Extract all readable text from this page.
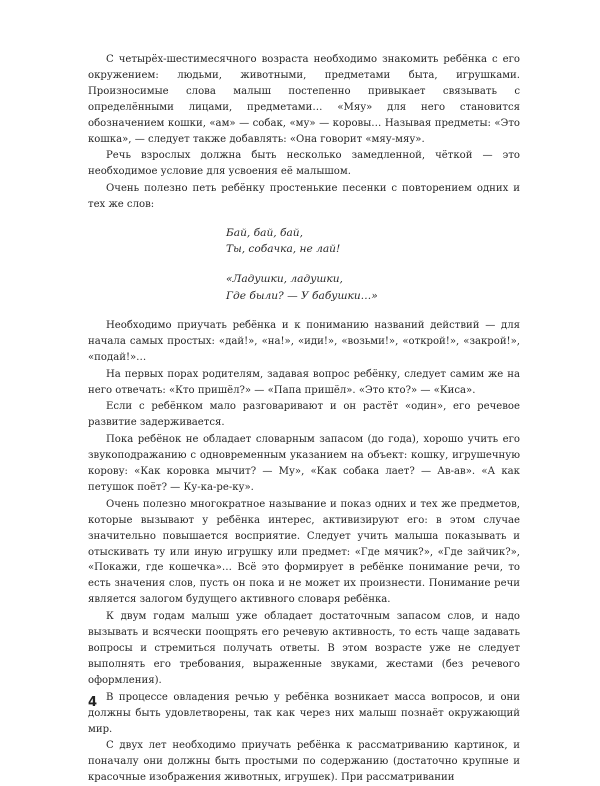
С четырёх-шестимесячного возраста необходимо знакомить ребёнка с его окружением: людьми, животными, предметами быта, игрушками. Произносимые слова малыш постепенно привыкает связывать с определёнными лицами, предметами… «Мяу» для него становится обозначением кошки, «ам» — собак, «му» — коровы… Называя предметы: «Это кошка», — следует также добавлять: «Она говорит «мяу-мяу».

Речь взрослых должна быть несколько замедленной, чёткой — это необходимое условие для усвоения её малышом.

Очень полезно петь ребёнку простенькие песенки с повторением одних и тех же слов:

Бай, бай, бай,
Ты, собачка, не лай!
«Ладушки, ладушки,
Где были? — У бабушки…»

Необходимо приучать ребёнка и к пониманию названий действий — для начала самых простых: «дай!», «на!», «иди!», «возьми!», «открой!», «закрой!», «подай!»…

На первых порах родителям, задавая вопрос ребёнку, следует самим же на него отвечать: «Кто пришёл?» — «Папа пришёл». «Это кто?» — «Киса».

Если с ребёнком мало разговаривают и он растёт «один», его речевое развитие задерживается.

Пока ребёнок не обладает словарным запасом (до года), хорошо учить его звукоподражанию с одновременным указанием на объект: кошку, игрушечную корову: «Как коровка мычит? — Му», «Как собака лает? — Ав-ав». «А как петушок поёт? — Ку-ка-ре-ку».

Очень полезно многократное называние и показ одних и тех же предметов, которые вызывают у ребёнка интерес, активизируют его: в этом случае значительно повышается восприятие. Следует учить малыша показывать и отыскивать ту или иную игрушку или предмет: «Где мячик?», «Где зайчик?», «Покажи, где кошечка»… Всё это формирует в ребёнке понимание речи, то есть значения слов, пусть он пока и не может их произнести. Понимание речи является залогом будущего активного словаря ребёнка.

К двум годам малыш уже обладает достаточным запасом слов, и надо вызывать и всячески поощрять его речевую активность, то есть чаще задавать вопросы и стремиться получать ответы. В этом возрасте уже не следует выполнять его требования, выраженные звуками, жестами (без речевого оформления).

В процессе овладения речью у ребёнка возникает масса вопросов, и они должны быть удовлетворены, так как через них малыш познаёт окружающий мир.

С двух лет необходимо приучать ребёнка к рассматриванию картинок, и поначалу они должны быть простыми по содержанию (достаточно крупные и красочные изображения животных, игрушек). При рассматривании

4
